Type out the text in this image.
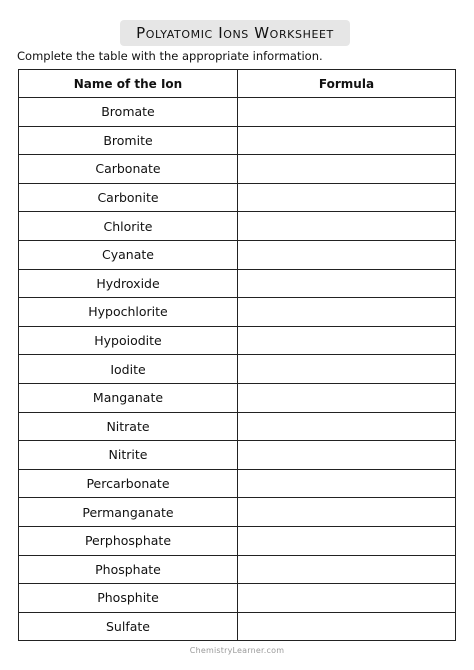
Polyatomic Ions Worksheet
Complete the table with the appropriate information.
Name of the Ion	Formula
Bromate	
Bromite	
Carbonate	
Carbonite	
Chlorite	
Cyanate	
Hydroxide	
Hypochlorite	
Hypoiodite	
Iodite	
Manganate	
Nitrate	
Nitrite	
Percarbonate	
Permanganate	
Perphosphate	
Phosphate	
Phosphite	
Sulfate	
ChemistryLearner.com
